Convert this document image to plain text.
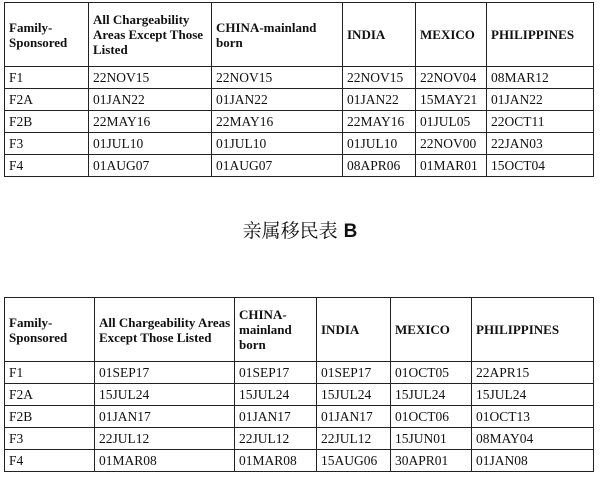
Family-Sponsored	All Chargeability Areas Except Those Listed	CHINA-mainland born	INDIA	MEXICO	PHILIPPINES
F1	22NOV15	22NOV15	22NOV15	22NOV04	08MAR12
F2A	01JAN22	01JAN22	01JAN22	15MAY21	01JAN22
F2B	22MAY16	22MAY16	22MAY16	01JUL05	22OCT11
F3	01JUL10	01JUL10	01JUL10	22NOV00	22JAN03
F4	01AUG07	01AUG07	08APR06	01MAR01	15OCT04
亲属移民表 B
Family-Sponsored	All Chargeability Areas Except Those Listed	CHINA-mainland born	INDIA	MEXICO	PHILIPPINES
F1	01SEP17	01SEP17	01SEP17	01OCT05	22APR15
F2A	15JUL24	15JUL24	15JUL24	15JUL24	15JUL24
F2B	01JAN17	01JAN17	01JAN17	01OCT06	01OCT13
F3	22JUL12	22JUL12	22JUL12	15JUN01	08MAY04
F4	01MAR08	01MAR08	15AUG06	30APR01	01JAN08
